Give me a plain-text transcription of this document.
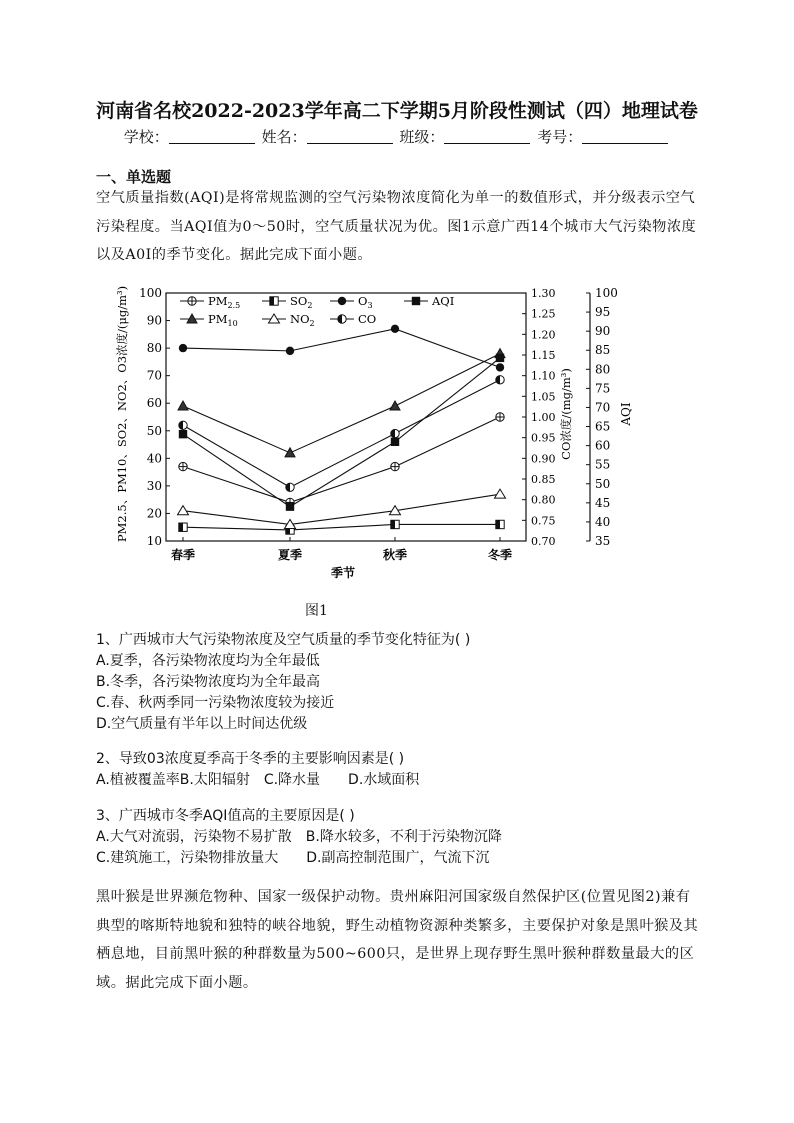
河南省名校2022-2023学年高二下学期5月阶段性测试（四）地理试卷
学校：	姓名：	班级：	考号：
一、单选题
空气质量指数(AQI)是将常规监测的空气污染物浓度简化为单一的数值形式，并分级表示空气污染程度。当AQI值为0～50时，空气质量状况为优。图1示意广西14个城市大气污染物浓度以及A0I的季节变化。据此完成下面小题。
10
20
30
40
50
60
70
80
90
100
0.70
0.75
0.80
0.85
0.90
0.95
1.00
1.05
1.10
1.15
1.20
1.25
1.30
35
40
45
50
55
60
65
70
75
80
85
90
95
100
春季	夏季	秋季	冬季
季节
PM2.5、PM10、SO2、NO2、O3浓度/(μg/m³)	CO浓度/(mg/m³)	AQI
$PM_{2.5}$	$SO_2$	$O_3$	AQI
$PM_{10}$	$NO_2$	CO
图1
1、广西城市大气污染物浓度及空气质量的季节变化特征为( )
A.夏季，各污染物浓度均为全年最低
B.冬季，各污染物浓度均为全年最高
C.春、秋两季同一污染物浓度较为接近
D.空气质量有半年以上时间达优级
2、导致03浓度夏季高于冬季的主要影响因素是( )
A.植被覆盖率B.太阳辐射　C.降水量　　D.水域面积
3、广西城市冬季AQI值高的主要原因是( )
A.大气对流弱，污染物不易扩散　B.降水较多，不利于污染物沉降
C.建筑施工，污染物排放量大　　D.副高控制范围广，气流下沉
黑叶猴是世界濒危物种、国家一级保护动物。贵州麻阳河国家级自然保护区(位置见图2)兼有典型的喀斯特地貌和独特的峡谷地貌，野生动植物资源种类繁多，主要保护对象是黑叶猴及其栖息地，目前黑叶猴的种群数量为500~600只，是世界上现存野生黑叶猴种群数量最大的区域。据此完成下面小题。
